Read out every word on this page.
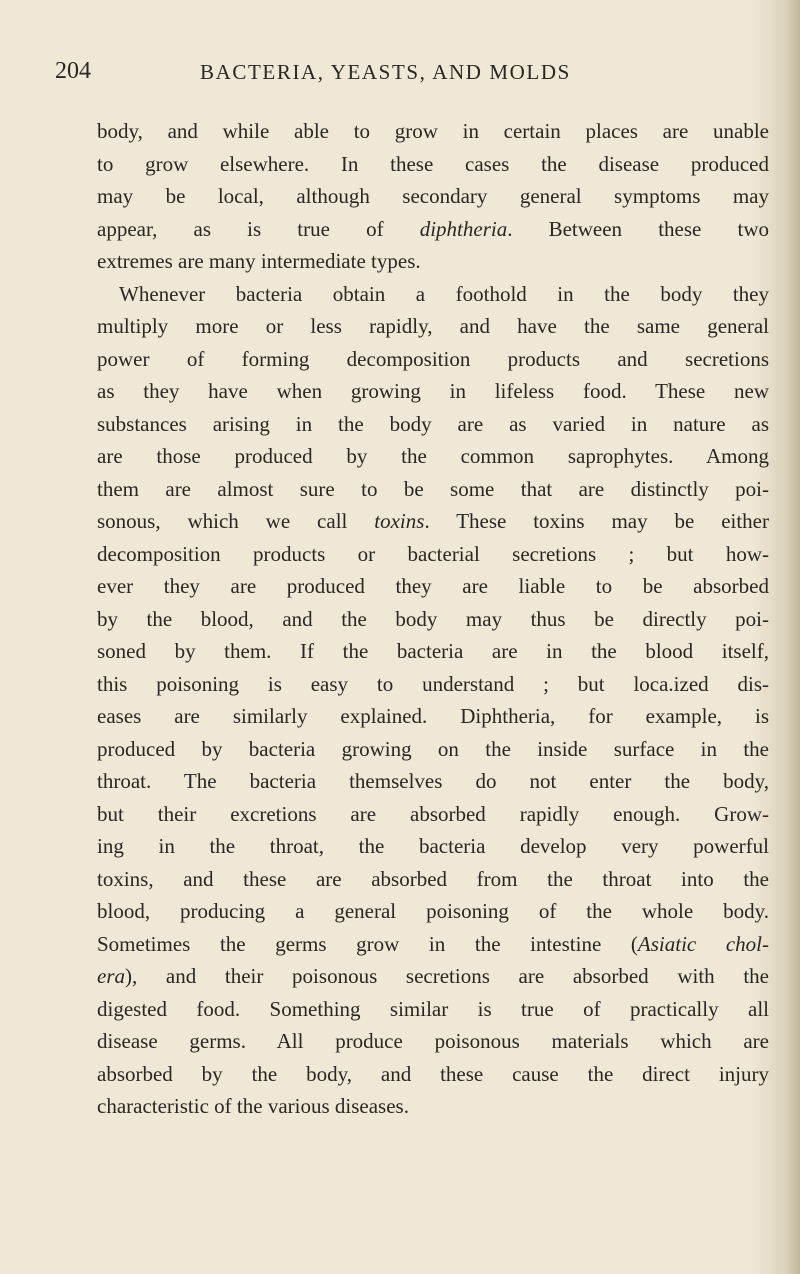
204	BACTERIA, YEASTS, AND MOLDS
body, and while able to grow in certain places are unable
to grow elsewhere. In these cases the disease produced
may be local, although secondary general symptoms may
appear, as is true of diphtheria. Between these two
extremes are many intermediate types.
Whenever bacteria obtain a foothold in the body they
multiply more or less rapidly, and have the same general
power of forming decomposition products and secretions
as they have when growing in lifeless food. These new
substances arising in the body are as varied in nature as
are those produced by the common saprophytes. Among
them are almost sure to be some that are distinctly poi-
sonous, which we call toxins. These toxins may be either
decomposition products or bacterial secretions ; but how-
ever they are produced they are liable to be absorbed
by the blood, and the body may thus be directly poi-
soned by them. If the bacteria are in the blood itself,
this poisoning is easy to understand ; but loca.ized dis-
eases are similarly explained. Diphtheria, for example, is
produced by bacteria growing on the inside surface in the
throat. The bacteria themselves do not enter the body,
but their excretions are absorbed rapidly enough. Grow-
ing in the throat, the bacteria develop very powerful
toxins, and these are absorbed from the throat into the
blood, producing a general poisoning of the whole body.
Sometimes the germs grow in the intestine (Asiatic chol-
era), and their poisonous secretions are absorbed with the
digested food. Something similar is true of practically all
disease germs. All produce poisonous materials which are
absorbed by the body, and these cause the direct injury
characteristic of the various diseases.
